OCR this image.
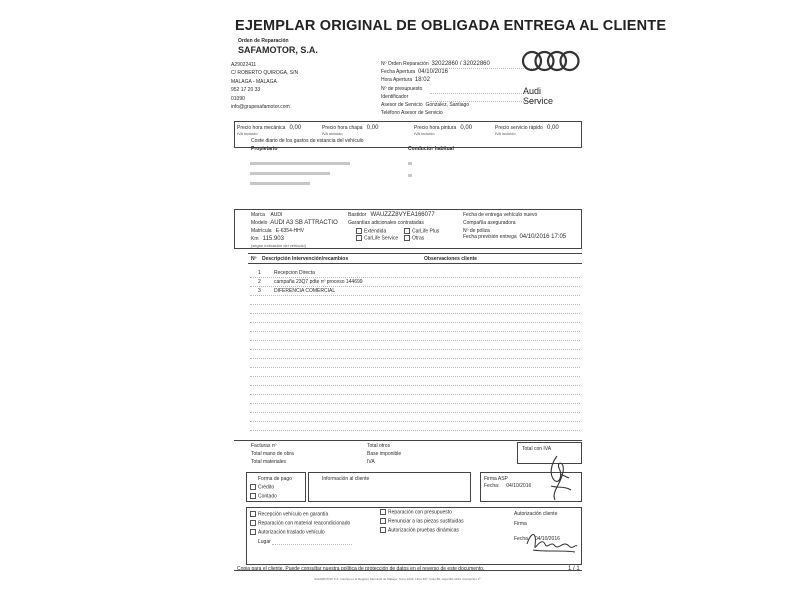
EJEMPLAR ORIGINAL DE OBLIGADA ENTREGA AL CLIENTE
Orden de Reparación
SAFAMOTOR, S.A.
A29022411
C/ ROBERTO QUIROGA, S/N
MALAGA - MALAGA
952 17 20 33
01090
info@grupesafamotor.com
Nº Orden Reparación 32022860 / 32022860
Fecha Apertura 04/10/2016
Hora Apertura 18:02
Nº de presupuesto
Identificador
Asesor de Servicio Gonzalez, Santiago
Teléfono Asesor de Servicio
Audi
Service
Precio hora mecánica 0,00	Precio hora chapa 0,00	Precio hora pintura 0,00	Precio servicio rápido 0,00
IVA incluido	IVA incluido	IVA incluido	IVA incluido
Coste diario de los gastos de estancia del vehículo
Propietario	Conductor habitual
Marca AUDI
Modelo AUDI A3 SB ATTRACTIO
Matrícula E-6354-HHV
Km 115.903
(según indicación del vehículo)
Bastidor WAUZZZ8VYEA166077
Garantías adicionales contratadas
Extendida	CarLife Plus
CarLife Service	Otras
Fecha de entrega vehículo nuevo
Compañía aseguradora
Nº de póliza
Fecha previsión entrega 04/10/2016 17:05
Nº Descripción Intervención/recambios	Observaciones cliente
1	Recepcion Directa
2	campaña 23Q7 pdte nº proceso 144699
3	DIFERENCIA COMERCIAL
Facturas nº
Total mano de obra
Total materiales
Total otros
Base imponible
IVA
Total con IVA
Forma de pago
Crédito
Contado
Información al cliente	Firma ASP
Fecha: 04/10/2016
Recepción vehículo en garantía
Reparación con material reacondicionado
Autorización traslado vehículo
Lugar
Reparación con presupuesto
Renunciar a las piezas sustituidas
Autorización pruebas dinámicas
Autorización cliente
Firma
Fecha 04/10/2016
Copia para el cliente. Puede consultar nuestra política de protección de datos en el reverso de este documento.	1 / 1
SAFAMOTOR S.A. Inscrita en el Registro Mercantil de Málaga, Tomo 1234, Libro 567, Folio 89, Hoja MA-1234, Inscripción 1ª
